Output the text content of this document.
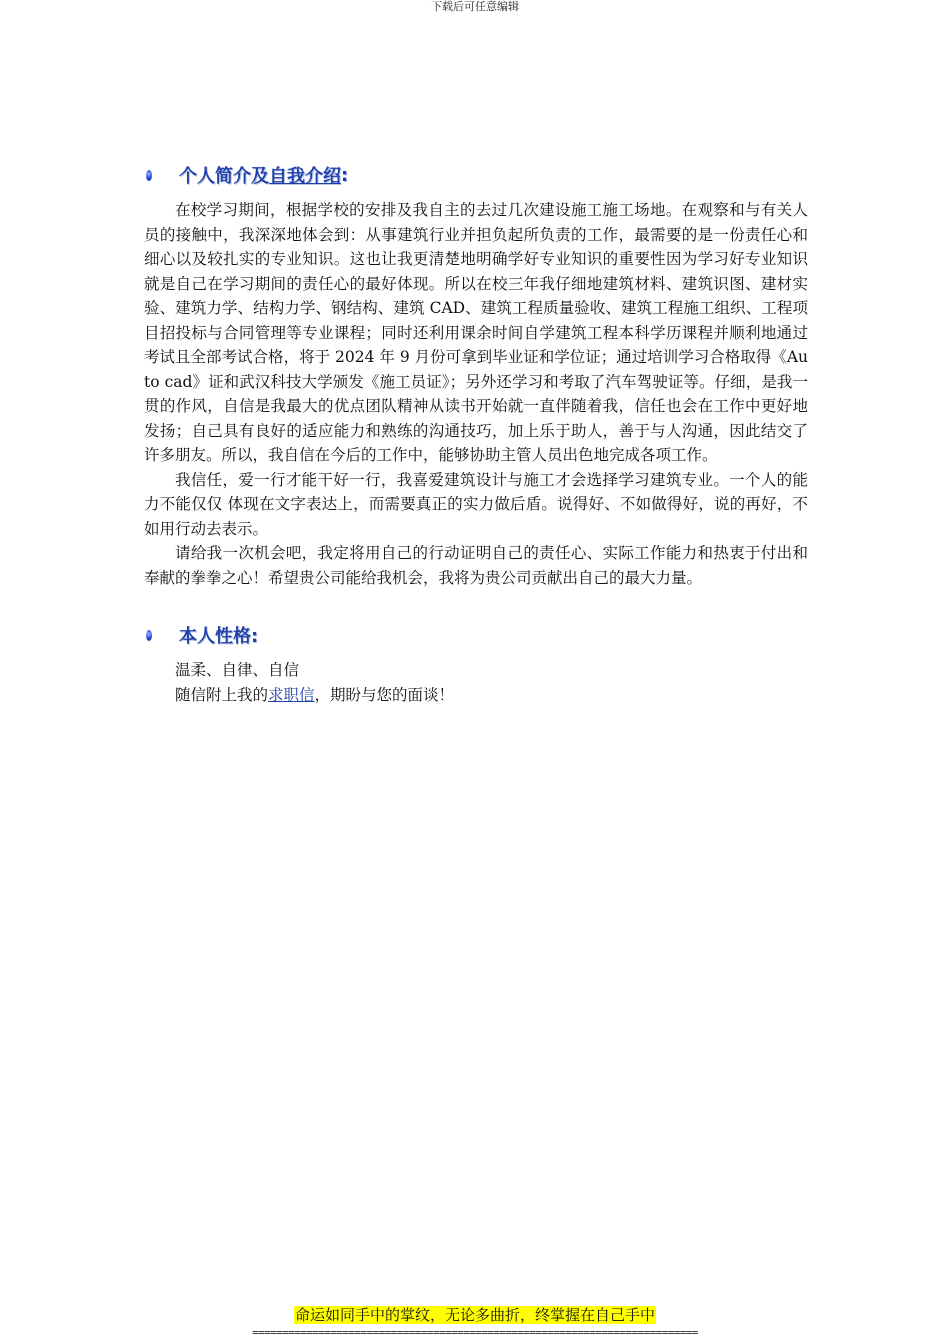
下载后可任意编辑
个人简介及 自我介绍 :

在校学习期间，根据学校的安排及我自主的去过几次建设施工施工场地。在观察和与有关人员的接触中，我深深地体会到：从事建筑行业并担负起所负责的工作，最需要的是一份责任心和细心以及较扎实的专业知识。这也让我更清楚地明确学好专业知识的重要性因为学习好专业知识就是自己在学习期间的责任心的最好体现。所以在校三年我仔细地建筑材料、建筑识图、建材实验、建筑力学、结构力学、钢结构、建筑 CAD、建筑工程质量验收、建筑工程施工组织、工程项目招投标与合同管理等专业课程；同时还利用课余时间自学建筑工程本科学历课程并顺利地通过考试且全部考试合格，将于 2024 年 9 月份可拿到毕业证和学位证；通过培训学习合格取得《Auto cad》证和武汉科技大学颁发《施工员证》；另外还学习和考取了汽车驾驶证等。仔细，是我一贯的作风，自信是我最大的优点团队精神从读书开始就一直伴随着我，信任也会在工作中更好地发扬；自己具有良好的适应能力和熟练的沟通技巧，加上乐于助人，善于与人沟通，因此结交了许多朋友。所以，我自信在今后的工作中，能够协助主管人员出色地完成各项工作。

我信任，爱一行才能干好一行，我喜爱建筑设计与施工才会选择学习建筑专业。一个人的能力不能仅仅 体现在文字表达上，而需要真正的实力做后盾。说得好、不如做得好，说的再好，不如用行动去表示。

请给我一次机会吧，我定将用自己的行动证明自己的责任心、实际工作能力和热衷于付出和奉献的拳拳之心！希望贵公司能给我机会，我将为贵公司贡献出自己的最大力量。

本人性格:

温柔、自律、自信

随信附上我的求职信，期盼与您的面谈！

命运如同手中的掌纹，无论多曲折，终掌握在自己手中
==========================================================================
